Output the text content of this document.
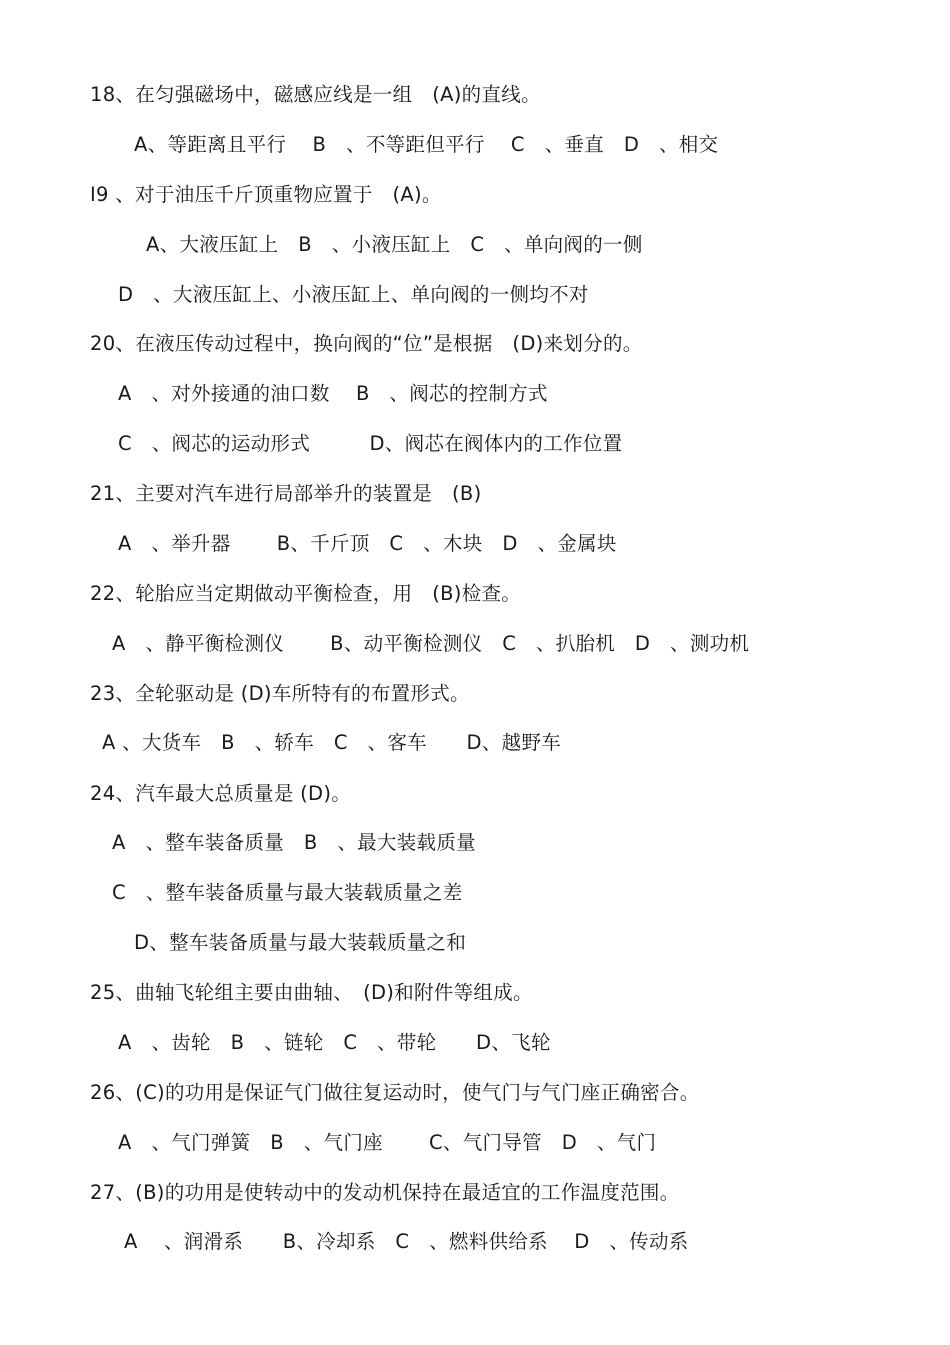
18、在匀强磁场中，磁感应线是一组　(A)的直线。
A、等距离且平行　 B　、不等距但平行　 C　、垂直　D　、相交
I9 、对于油压千斤顶重物应置于　(A)。
A、大液压缸上　B　、小液压缸上　C　、单向阀的一侧
D　、大液压缸上、小液压缸上、单向阀的一侧均不对
20、在液压传动过程中，换向阀的“位”是根据　(D)来划分的。
A　、对外接通的油口数　 B　、阀芯的控制方式
C　、阀芯的运动形式　　　D、阀芯在阀体内的工作位置
21、主要对汽车进行局部举升的装置是　(B)
A　、举升器　　 B、千斤顶　C　、木块　D　、金属块
22、轮胎应当定期做动平衡检查，用　(B)检查。
A　、静平衡检测仪　　 B、动平衡检测仪　C　、扒胎机　D　、测功机
23、全轮驱动是 (D)车所特有的布置形式。
A 、大货车　B　、轿车　C　、客车　　D、越野车
24、汽车最大总质量是 (D)。
A　、整车装备质量　B　、最大装载质量
C　、整车装备质量与最大装载质量之差
D、整车装备质量与最大装载质量之和
25、曲轴飞轮组主要由曲轴、　(D)和附件等组成。
A　、齿轮　B　、链轮　C　、带轮　　D、飞轮
26、(C)的功用是保证气门做往复运动时，使气门与气门座正确密合。
A　、气门弹簧　B　、气门座　　 C、气门导管　D　、气门
27、(B)的功用是使转动中的发动机保持在最适宜的工作温度范围。
A　 、润滑系　　B、冷却系　C　、燃料供给系　 D　、传动系
